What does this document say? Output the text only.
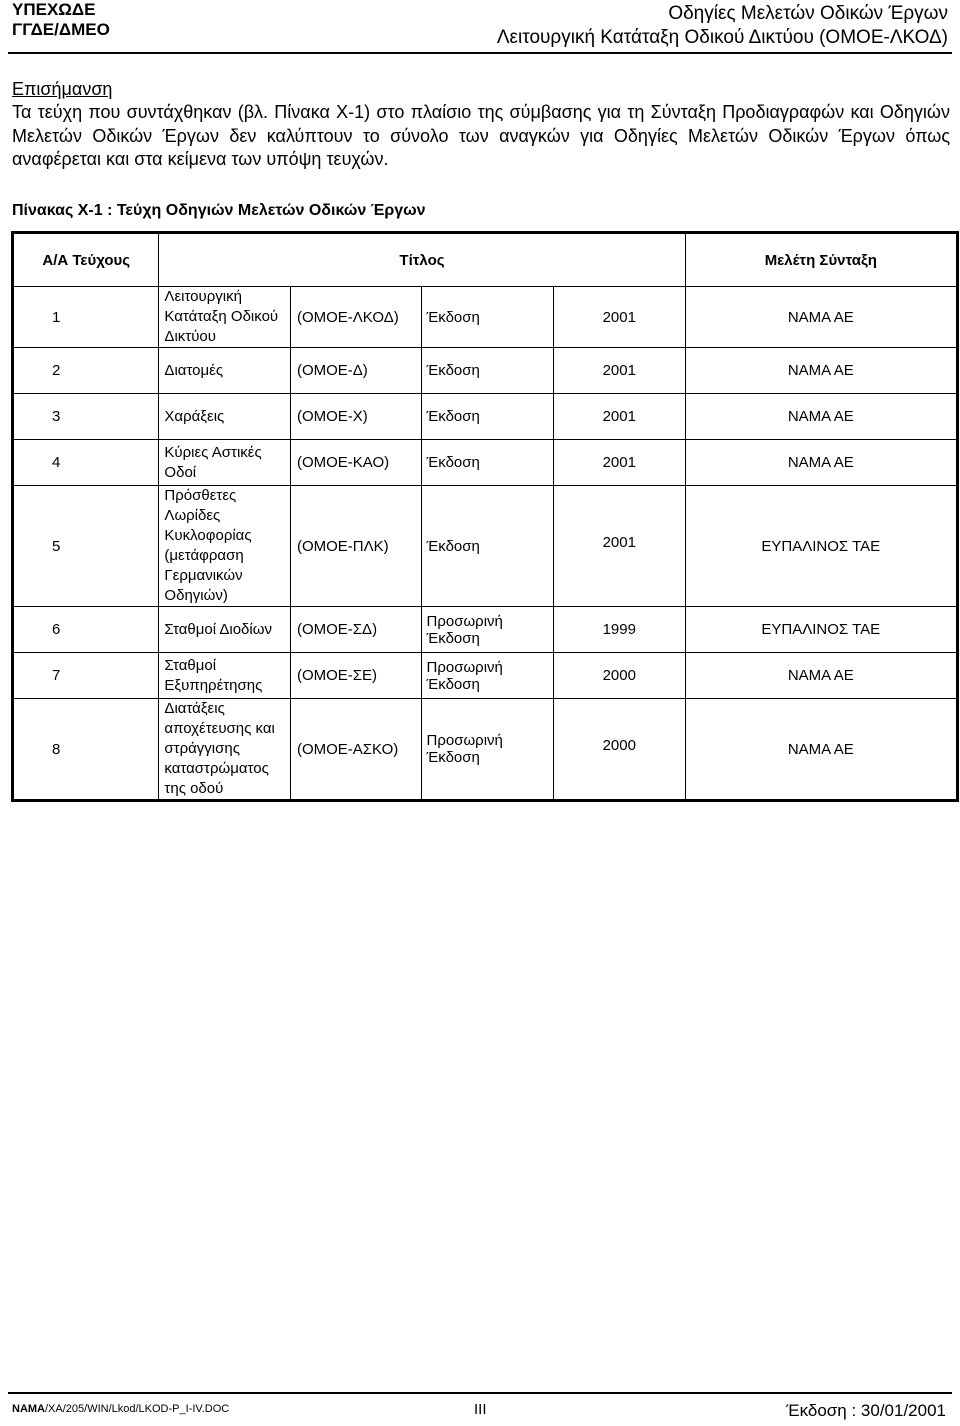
ΥΠΕΧΩΔΕ
ΓΓΔΕ/ΔΜΕΟ
Οδηγίες Μελετών Οδικών Έργων
Λειτουργική Κατάταξη Οδικού Δικτύου (ΟΜΟΕ-ΛΚΟΔ)
Επισήμανση
Τα τεύχη που συντάχθηκαν (βλ. Πίνακα Χ-1) στο πλαίσιο της σύμβασης για τη Σύνταξη Προδιαγραφών και Οδηγιών Μελετών Οδικών Έργων δεν καλύπτουν το σύνολο των αναγκών για Οδηγίες Μελετών Οδικών Έργων όπως αναφέρεται και στα κείμενα των υπόψη τευχών.
Πίνακας Χ-1 : Τεύχη Οδηγιών Μελετών Οδικών Έργων
Α/Α Τεύχους	Τίτλος				Μελέτη Σύνταξη
1	Λειτουργική Κατάταξη Οδικού Δικτύου	(ΟΜΟΕ-ΛΚΟΔ)	Έκδοση	2001	ΝΑΜΑ ΑΕ
2	Διατομές	(ΟΜΟΕ-Δ)	Έκδοση	2001	ΝΑΜΑ ΑΕ
3	Χαράξεις	(ΟΜΟΕ-Χ)	Έκδοση	2001	ΝΑΜΑ ΑΕ
4	Κύριες Αστικές Οδοί	(ΟΜΟΕ-ΚΑΟ)	Έκδοση	2001	ΝΑΜΑ ΑΕ
5	Πρόσθετες Λωρίδες Κυκλοφορίας (μετάφραση Γερμανικών Οδηγιών)	(ΟΜΟΕ-ΠΛΚ)	Έκδοση	2001	ΕΥΠΑΛΙΝΟΣ ΤΑΕ
6	Σταθμοί Διοδίων	(ΟΜΟΕ-ΣΔ)	Προσωρινή Έκδοση	1999	ΕΥΠΑΛΙΝΟΣ ΤΑΕ
7	Σταθμοί Εξυπηρέτησης	(ΟΜΟΕ-ΣΕ)	Προσωρινή Έκδοση	2000	ΝΑΜΑ ΑΕ
8	Διατάξεις αποχέτευσης και στράγγισης καταστρώματος της οδού	(ΟΜΟΕ-ΑΣΚΟ)	Προσωρινή Έκδοση	2000	ΝΑΜΑ ΑΕ
ΝΑΜΑ/ΧΑ/205/WIN/Lkod/LKOD-P_I-IV.DOC	III	Έκδοση : 30/01/2001
